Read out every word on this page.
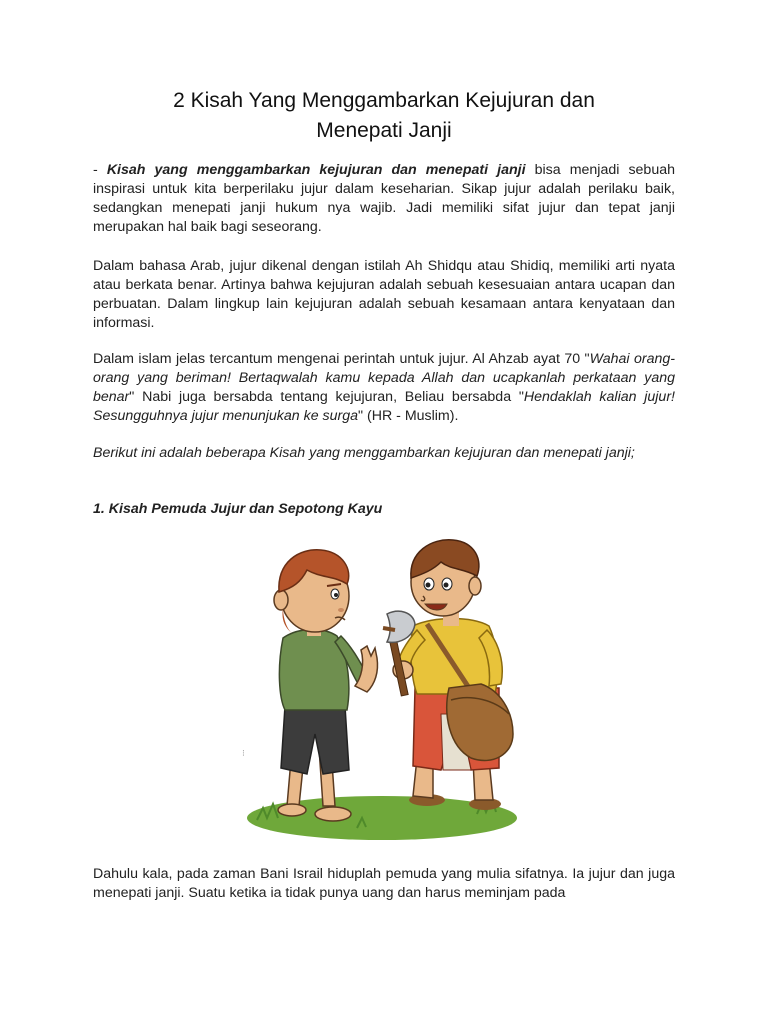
2 Kisah Yang Menggambarkan Kejujuran dan
Menepati Janji

- Kisah yang menggambarkan kejujuran dan menepati janji bisa menjadi sebuah inspirasi untuk kita berperilaku jujur dalam keseharian. Sikap jujur adalah perilaku baik, sedangkan menepati janji hukum nya wajib. Jadi memiliki sifat jujur dan tepat janji merupakan hal baik bagi seseorang.

Dalam bahasa Arab, jujur dikenal dengan istilah Ah Shidqu atau Shidiq, memiliki arti nyata atau berkata benar. Artinya bahwa kejujuran adalah sebuah kesesuaian antara ucapan dan perbuatan. Dalam lingkup lain kejujuran adalah sebuah kesamaan antara kenyataan dan informasi.

Dalam islam jelas tercantum mengenai perintah untuk jujur. Al Ahzab ayat 70 "Wahai orang-orang yang beriman! Bertaqwalah kamu kepada Allah dan ucapkanlah perkataan yang benar" Nabi juga bersabda tentang kejujuran, Beliau bersabda "Hendaklah kalian jujur! Sesungguhnya jujur menunjukan ke surga" (HR - Muslim).

Berikut ini adalah beberapa Kisah yang menggambarkan kejujuran dan menepati janji;

1. Kisah Pemuda Jujur dan Sepotong Kayu

Dahulu kala, pada zaman Bani Israil hiduplah pemuda yang mulia sifatnya. Ia jujur dan juga menepati janji. Suatu ketika ia tidak punya uang dan harus meminjam pada

⁝
